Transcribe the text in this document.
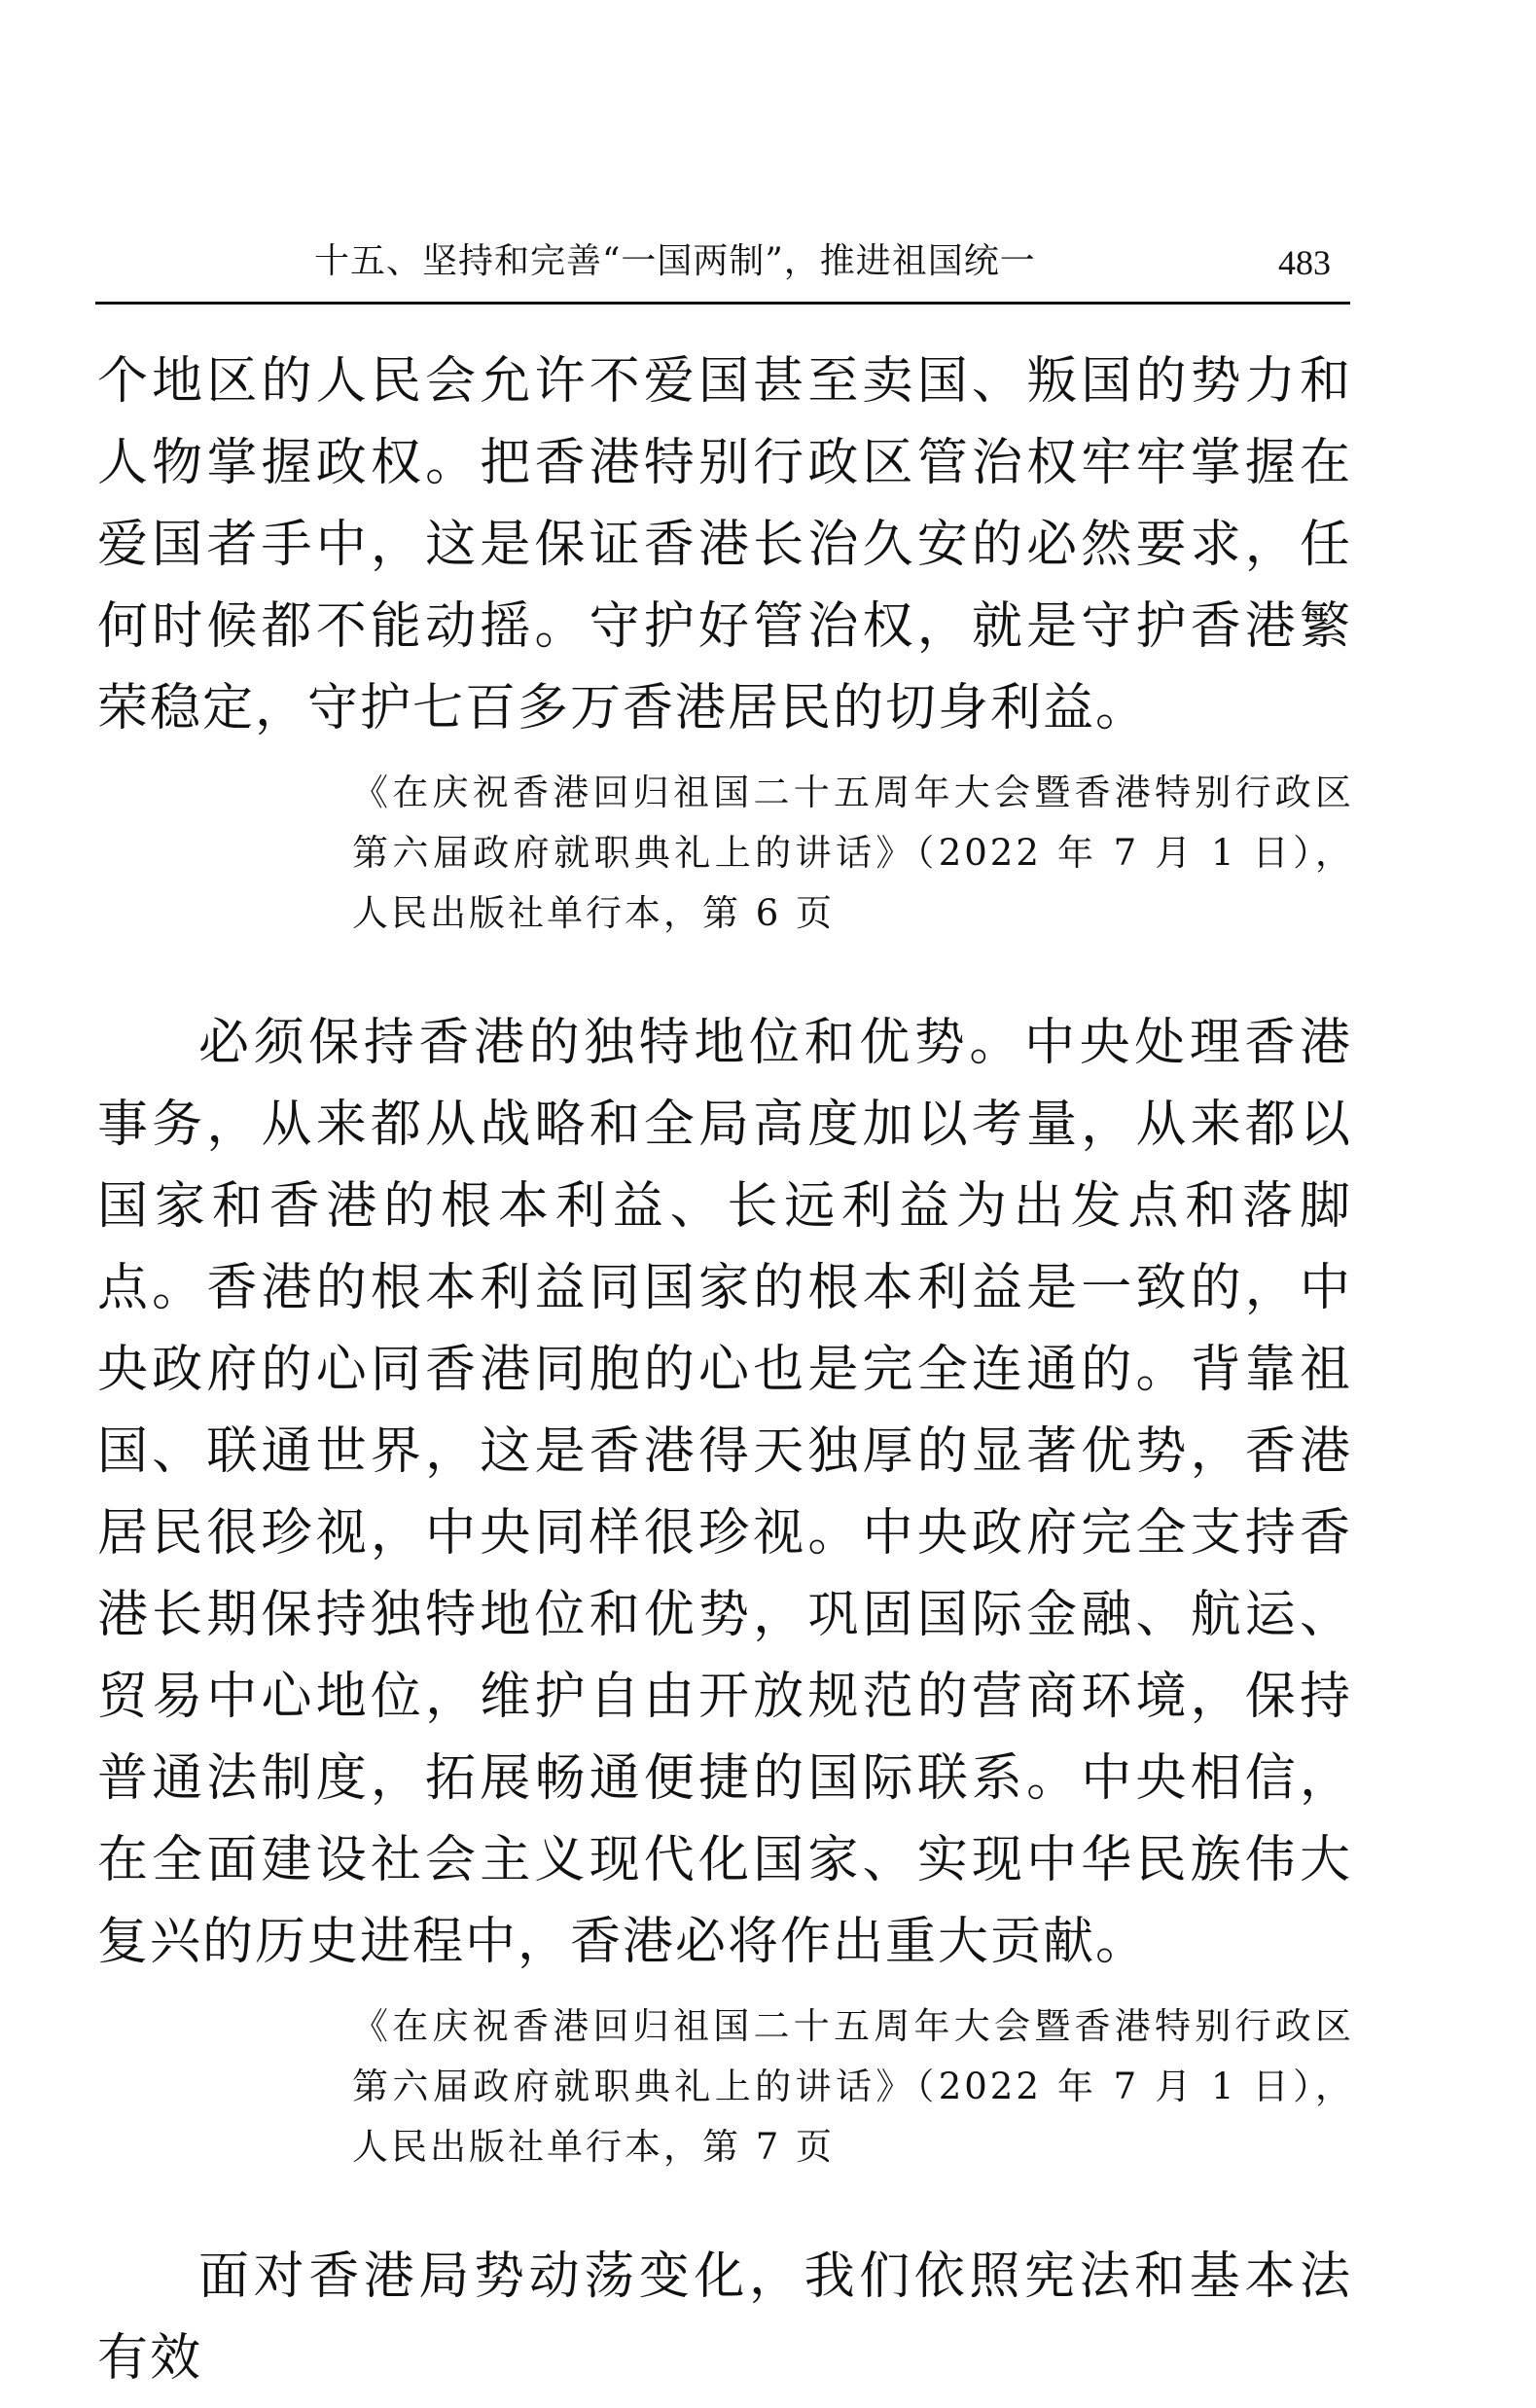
十五、坚持和完善“一国两制”，推进祖国统一	483

个地区的人民会允许不爱国甚至卖国、叛国的势力和人物掌握政权。把香港特别行政区管治权牢牢掌握在爱国者手中，这是保证香港长治久安的必然要求，任何时候都不能动摇。守护好管治权，就是守护香港繁荣稳定，守护七百多万香港居民的切身利益。

《在庆祝香港回归祖国二十五周年大会暨香港特别行政区第六届政府就职典礼上的讲话》（2022 年 7 月 1 日），人民出版社单行本，第 6 页

必须保持香港的独特地位和优势。中央处理香港事务，从来都从战略和全局高度加以考量，从来都以国家和香港的根本利益、长远利益为出发点和落脚点。香港的根本利益同国家的根本利益是一致的，中央政府的心同香港同胞的心也是完全连通的。背靠祖国、联通世界，这是香港得天独厚的显著优势，香港居民很珍视，中央同样很珍视。中央政府完全支持香港长期保持独特地位和优势，巩固国际金融、航运、贸易中心地位，维护自由开放规范的营商环境，保持普通法制度，拓展畅通便捷的国际联系。中央相信，在全面建设社会主义现代化国家、实现中华民族伟大复兴的历史进程中，香港必将作出重大贡献。

《在庆祝香港回归祖国二十五周年大会暨香港特别行政区第六届政府就职典礼上的讲话》（2022 年 7 月 1 日），人民出版社单行本，第 7 页

面对香港局势动荡变化，我们依照宪法和基本法有效
